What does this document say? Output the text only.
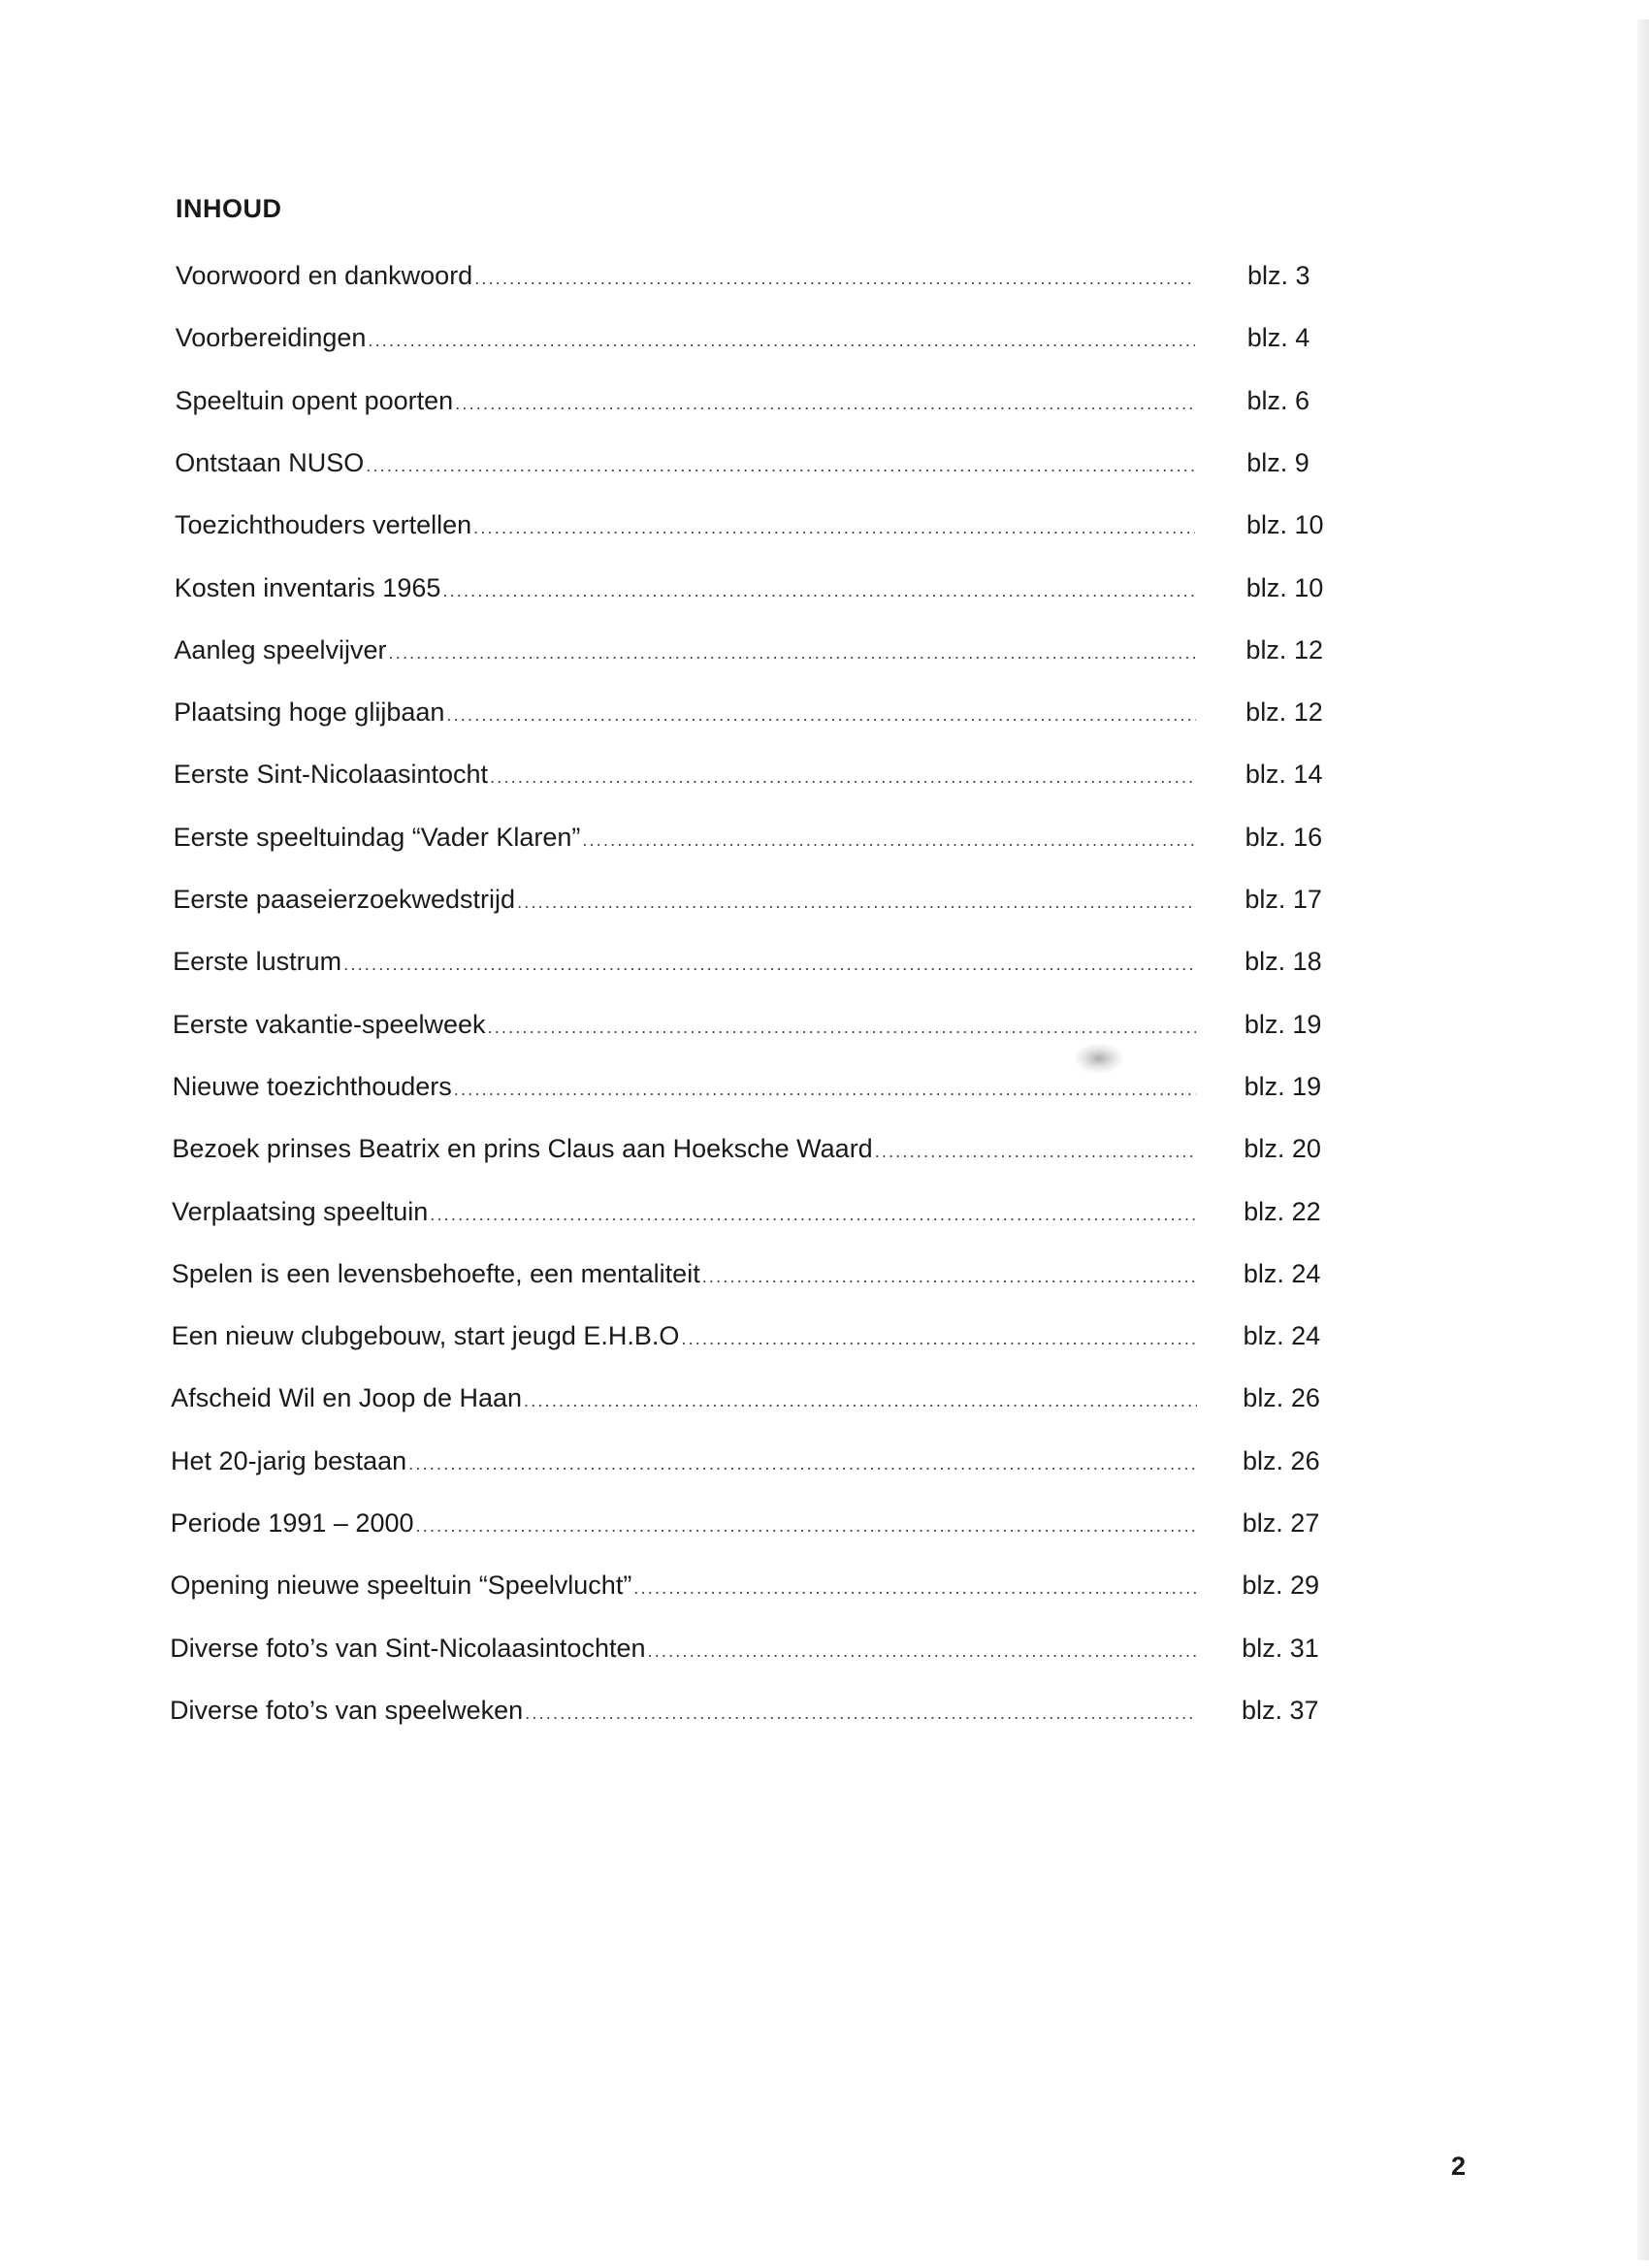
INHOUD
Voorwoord en dankwoord .....	blz. 3
Voorbereidingen .....	blz. 4
Speeltuin opent poorten .....	blz. 6
Ontstaan NUSO .....	blz. 9
Toezichthouders vertellen .....	blz. 10
Kosten inventaris 1965 .....	blz. 10
Aanleg speelvijver .....	blz. 12
Plaatsing hoge glijbaan .....	blz. 12
Eerste Sint-Nicolaasintocht .....	blz. 14
Eerste speeltuindag “Vader Klaren” .....	blz. 16
Eerste paaseierzoekwedstrijd .....	blz. 17
Eerste lustrum .....	blz. 18
Eerste vakantie-speelweek .....	blz. 19
Nieuwe toezichthouders .....	blz. 19
Bezoek prinses Beatrix en prins Claus aan Hoeksche Waard .....	blz. 20
Verplaatsing speeltuin .....	blz. 22
Spelen is een levensbehoefte, een mentaliteit .....	blz. 24
Een nieuw clubgebouw, start jeugd E.H.B.O .....	blz. 24
Afscheid Wil en Joop de Haan .....	blz. 26
Het 20-jarig bestaan .....	blz. 26
Periode 1991 – 2000 .....	blz. 27
Opening nieuwe speeltuin “Speelvlucht” .....	blz. 29
Diverse foto’s van Sint-Nicolaasintochten .....	blz. 31
Diverse foto’s van speelweken .....	blz. 37
2
